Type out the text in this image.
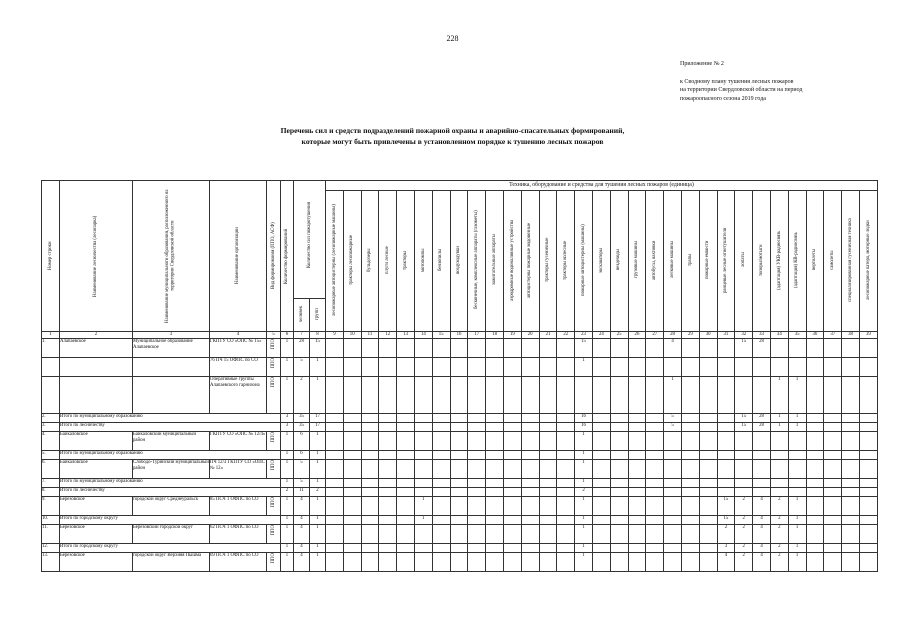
228
Приложение № 2
к Сводному плану тушения лесных пожаров
на территории Свердловской области на период
пожароопасного сезона 2019 года
Перечень сил и средств подразделений пожарной охраны и аварийно-спасательных формирований,
которые могут быть привлечены в установленном порядке к тушению лесных пожаров
Номер строки	Наименование лесничества (лесопарка)	Наименование муниципального образования, расположенного на территории Свердловской области	Наименование организации	Вид формирования (ППО, АСФ)	Количество формирований	Количество сил пожаротушения		Техника, оборудование и средства для тушения лесных пожаров (единица)																														

								лесопожарные автоцистерны (лесопожарные машины)	тракторы лесопожарные	бульдозеры	плуги лесные	тракторы	мотопомпы	бензопилы	воздуходувки	бесконечные, комплексные аппараты (газометы)	зажигательные аппараты	аэродромные водоналивные устройства	автоцистерны пожарные водовозные	тракторы гусеничные	тракторы колесные	пожарные автоцистерны (машины)	экскаваторы	вездеходы	грузовые машины	автобусы, вахтовки	легковые машины	трапы	пожарные емкости	ранцевые лесные огнетушители	лопаты	топоры/мотыги	(адаптация) УКВ-радиосвязь	(адаптация) КВ-радиосвязь	вертолеты	самолеты	специализированная гусеничная техника	лесопожарные катера, моторные лодки

						человек	групп																															

1	2	3	4	5	6	7	8	9	10	11	12	13	14	15	16	17	18	19	20	21	22	23	24	25	26	27	28	29	30	31	32	33	34	35	36	37	38	39
1.	Алапаевское	Муниципальное образование Алапаевское	ГКПТУ СО «ОПС № 15»	ППО	1	28	15															15					4				15	28						
			76 ПЧ 15 ОФПС по СО	ППО	1	5	1															1																
			Оперативные группы Алапаевского гарнизона	ППО	1	2	1																				1						1	1				
2.	Итого по муниципальному образованию				3	35	17															16					5				15	28	1	1				
3.	Итого по лесничеству				3	35	17															16					5				15	28	1	1				
4.	Байкаловское	Байкаловский муниципальный район	ГКПТУ СО «ОПС № 12/4»	ППО	1	6	1															1																
5.	Итого по муниципальному образованию				1	6	1															1																
6.	Байкаловское	Слободо-Туринский муниципальный район	ПЧ 12/3 ГКПТУ СО «ОПС № 12»	ППО	1	5	1															1																
7.	Итого по муниципальному образованию				1	5	1															1																
8.	Итого по лесничеству				2	11	2															2																
9.	Березовское	городской округ Среднеуральск	85 ПСЧ 1 ОФПС по СО	ППО	1	4	1						1									1								15	2	4	2	1				
10.	Итого по городскому округу				1	4	1						1									1								15	2	4	2	1				
11.	Березовское	Березовский городской округ	62 ПСЧ 1 ОФПС по СО	ППО	1	4	1															1								2	2	4	2	1				
12.	Итого по городскому округу				1	4	1															1								3	2	4	2	1				
13.	Березовское	городской округ Верхняя Пышма	69 ПСЧ 1 ОФПС по СО	ППО	1	4	1															1								4	2	4	2	1				
